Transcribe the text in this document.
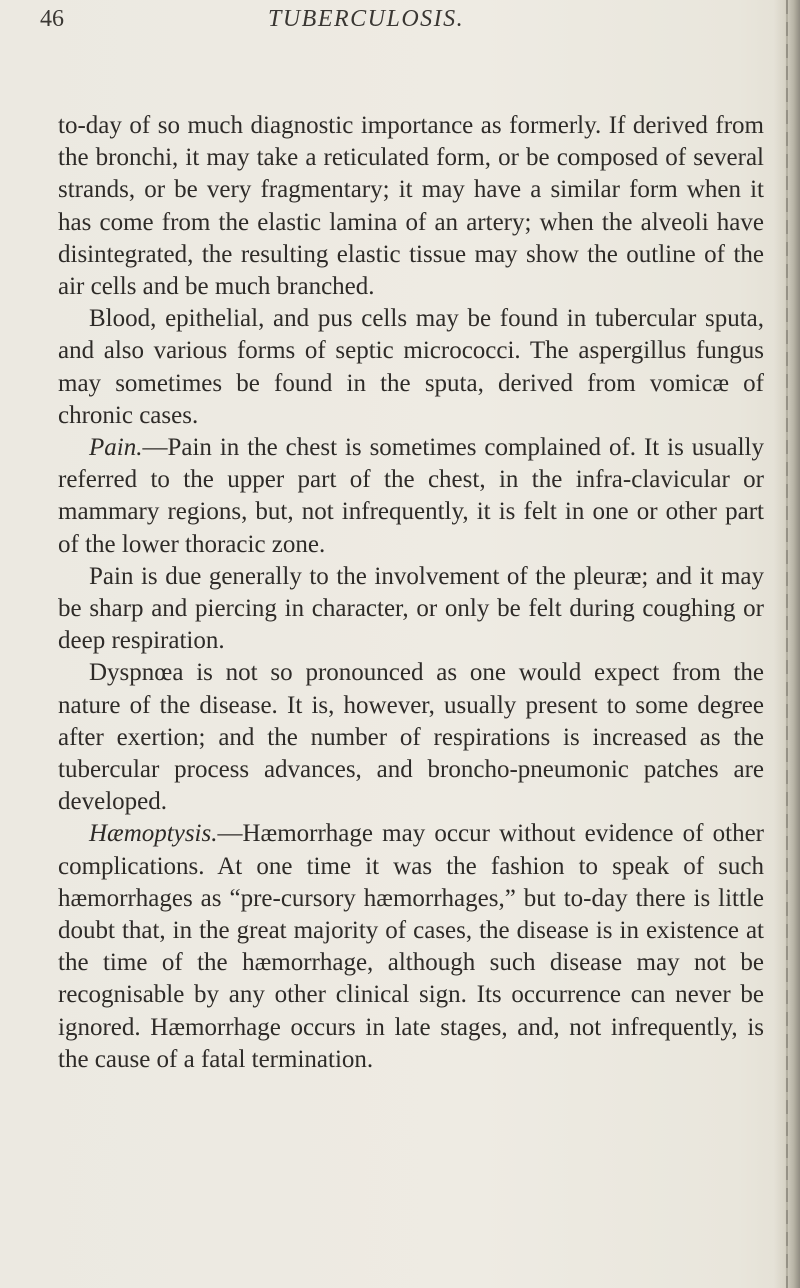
46	TUBERCULOSIS.

to-day of so much diagnostic importance as formerly. If derived from the bronchi, it may take a reticulated form, or be composed of several strands, or be very fragmentary; it may have a similar form when it has come from the elastic lamina of an artery; when the alveoli have disintegrated, the resulting elastic tissue may show the outline of the air cells and be much branched.

Blood, epithelial, and pus cells may be found in tubercular sputa, and also various forms of septic micrococci. The aspergillus fungus may sometimes be found in the sputa, derived from vomicæ of chronic cases.

Pain.—Pain in the chest is sometimes complained of. It is usually referred to the upper part of the chest, in the infra-clavicular or mammary regions, but, not infrequently, it is felt in one or other part of the lower thoracic zone.

Pain is due generally to the involvement of the pleuræ; and it may be sharp and piercing in character, or only be felt during coughing or deep respiration.

Dyspnœa is not so pronounced as one would expect from the nature of the disease. It is, however, usually present to some degree after exertion; and the number of respirations is increased as the tubercular process advances, and broncho-pneumonic patches are developed.

Hæmoptysis.—Hæmorrhage may occur without evidence of other complications. At one time it was the fashion to speak of such hæmorrhages as “pre-cursory hæmorrhages,” but to-day there is little doubt that, in the great majority of cases, the disease is in existence at the time of the hæmorrhage, although such disease may not be recognisable by any other clinical sign. Its occurrence can never be ignored. Hæmorrhage occurs in late stages, and, not infrequently, is the cause of a fatal termination.
